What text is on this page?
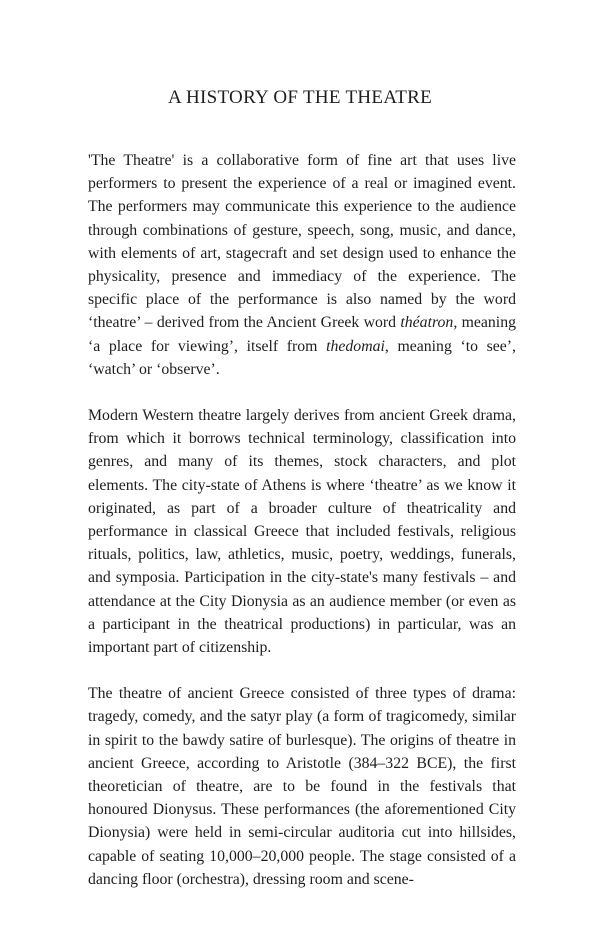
A HISTORY OF THE THEATRE

'The Theatre' is a collaborative form of fine art that uses live performers to present the experience of a real or imagined event. The performers may communicate this experience to the audience through combinations of gesture, speech, song, music, and dance, with elements of art, stagecraft and set design used to enhance the physicality, presence and immediacy of the experience. The specific place of the performance is also named by the word ‘theatre’ – derived from the Ancient Greek word théatron, meaning ‘a place for viewing’, itself from thedomai, meaning ‘to see’, ‘watch’ or ‘observe’.

Modern Western theatre largely derives from ancient Greek drama, from which it borrows technical terminology, classification into genres, and many of its themes, stock characters, and plot elements. The city-state of Athens is where ‘theatre’ as we know it originated, as part of a broader culture of theatricality and performance in classical Greece that included festivals, religious rituals, politics, law, athletics, music, poetry, weddings, funerals, and symposia. Participation in the city-state's many festivals – and attendance at the City Dionysia as an audience member (or even as a participant in the theatrical productions) in particular, was an important part of citizenship.

The theatre of ancient Greece consisted of three types of drama: tragedy, comedy, and the satyr play (a form of tragicomedy, similar in spirit to the bawdy satire of burlesque). The origins of theatre in ancient Greece, according to Aristotle (384–322 BCE), the first theoretician of theatre, are to be found in the festivals that honoured Dionysus. These performances (the aforementioned City Dionysia) were held in semi-circular auditoria cut into hillsides, capable of seating 10,000–20,000 people. The stage consisted of a dancing floor (orchestra), dressing room and scene-
